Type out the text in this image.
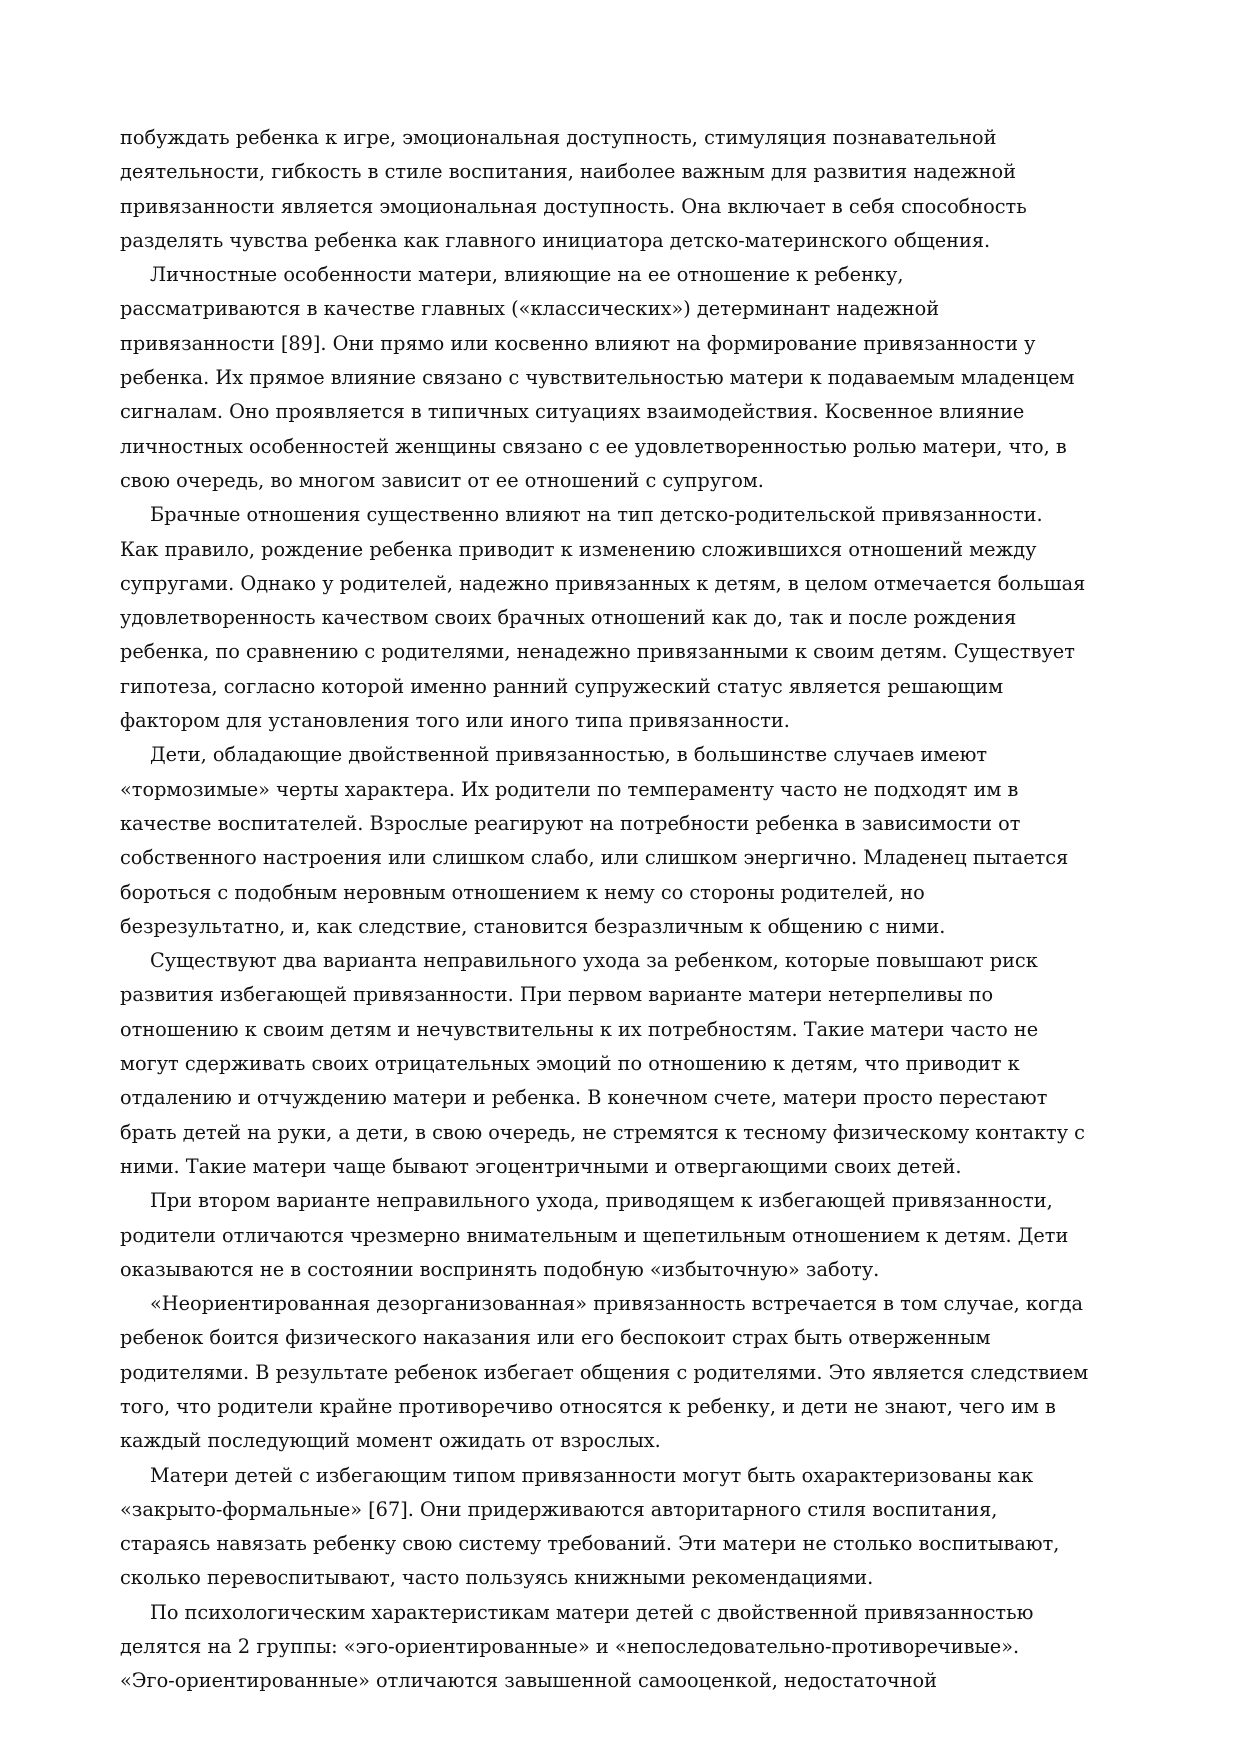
побуждать ребенка к игре, эмоциональная доступность, стимуляция познавательной
деятельности, гибкость в стиле воспитания, наиболее важным для развития надежной
привязанности является эмоциональная доступность. Она включает в себя способность
разделять чувства ребенка как главного инициатора детско-материнского общения.
Личностные особенности матери, влияющие на ее отношение к ребенку,
рассматриваются в качестве главных («классических») детерминант надежной
привязанности [89]. Они прямо или косвенно влияют на формирование привязанности у
ребенка. Их прямое влияние связано с чувствительностью матери к подаваемым младенцем
сигналам. Оно проявляется в типичных ситуациях взаимодействия. Косвенное влияние
личностных особенностей женщины связано с ее удовлетворенностью ролью матери, что, в
свою очередь, во многом зависит от ее отношений с супругом.
Брачные отношения существенно влияют на тип детско-родительской привязанности.
Как правило, рождение ребенка приводит к изменению сложившихся отношений между
супругами. Однако у родителей, надежно привязанных к детям, в целом отмечается большая
удовлетворенность качеством своих брачных отношений как до, так и после рождения
ребенка, по сравнению с родителями, ненадежно привязанными к своим детям. Существует
гипотеза, согласно которой именно ранний супружеский статус является решающим
фактором для установления того или иного типа привязанности.
Дети, обладающие двойственной привязанностью, в большинстве случаев имеют
«тормозимые» черты характера. Их родители по темпераменту часто не подходят им в
качестве воспитателей. Взрослые реагируют на потребности ребенка в зависимости от
собственного настроения или слишком слабо, или слишком энергично. Младенец пытается
бороться с подобным неровным отношением к нему со стороны родителей, но
безрезультатно, и, как следствие, становится безразличным к общению с ними.
Существуют два варианта неправильного ухода за ребенком, которые повышают риск
развития избегающей привязанности. При первом варианте матери нетерпеливы по
отношению к своим детям и нечувствительны к их потребностям. Такие матери часто не
могут сдерживать своих отрицательных эмоций по отношению к детям, что приводит к
отдалению и отчуждению матери и ребенка. В конечном счете, матери просто перестают
брать детей на руки, а дети, в свою очередь, не стремятся к тесному физическому контакту с
ними. Такие матери чаще бывают эгоцентричными и отвергающими своих детей.
При втором варианте неправильного ухода, приводящем к избегающей привязанности,
родители отличаются чрезмерно внимательным и щепетильным отношением к детям. Дети
оказываются не в состоянии воспринять подобную «избыточную» заботу.
«Неориентированная дезорганизованная» привязанность встречается в том случае, когда
ребенок боится физического наказания или его беспокоит страх быть отверженным
родителями. В результате ребенок избегает общения с родителями. Это является следствием
того, что родители крайне противоречиво относятся к ребенку, и дети не знают, чего им в
каждый последующий момент ожидать от взрослых.
Матери детей с избегающим типом привязанности могут быть охарактеризованы как
«закрыто-формальные» [67]. Они придерживаются авторитарного стиля воспитания,
стараясь навязать ребенку свою систему требований. Эти матери не столько воспитывают,
сколько перевоспитывают, часто пользуясь книжными рекомендациями.
По психологическим характеристикам матери детей с двойственной привязанностью
делятся на 2 группы: «эго-ориентированные» и «непоследовательно-противоречивые».
«Эго-ориентированные» отличаются завышенной самооценкой, недостаточной
